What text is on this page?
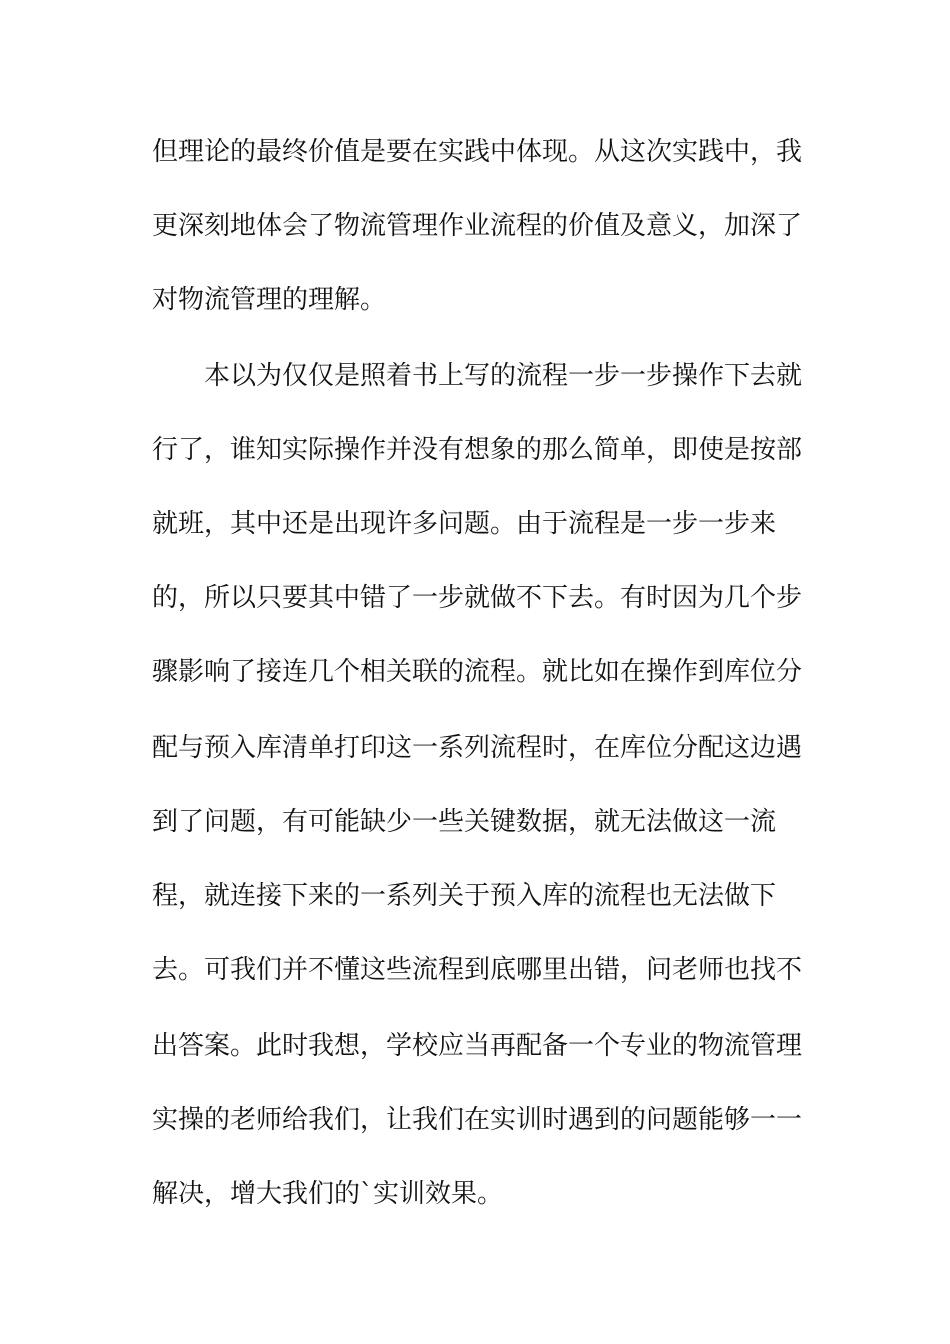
但理论的最终价值是要在实践中体现。从这次实践中，我
更深刻地体会了物流管理作业流程的价值及意义，加深了
对物流管理的理解。
本以为仅仅是照着书上写的流程一步一步操作下去就
行了，谁知实际操作并没有想象的那么简单，即使是按部
就班，其中还是出现许多问题。由于流程是一步一步来
的，所以只要其中错了一步就做不下去。有时因为几个步
骤影响了接连几个相关联的流程。就比如在操作到库位分
配与预入库清单打印这一系列流程时，在库位分配这边遇
到了问题，有可能缺少一些关键数据，就无法做这一流
程，就连接下来的一系列关于预入库的流程也无法做下
去。可我们并不懂这些流程到底哪里出错，问老师也找不
出答案。此时我想，学校应当再配备一个专业的物流管理
实操的老师给我们，让我们在实训时遇到的问题能够一一
解决，增大我们的`实训效果。
